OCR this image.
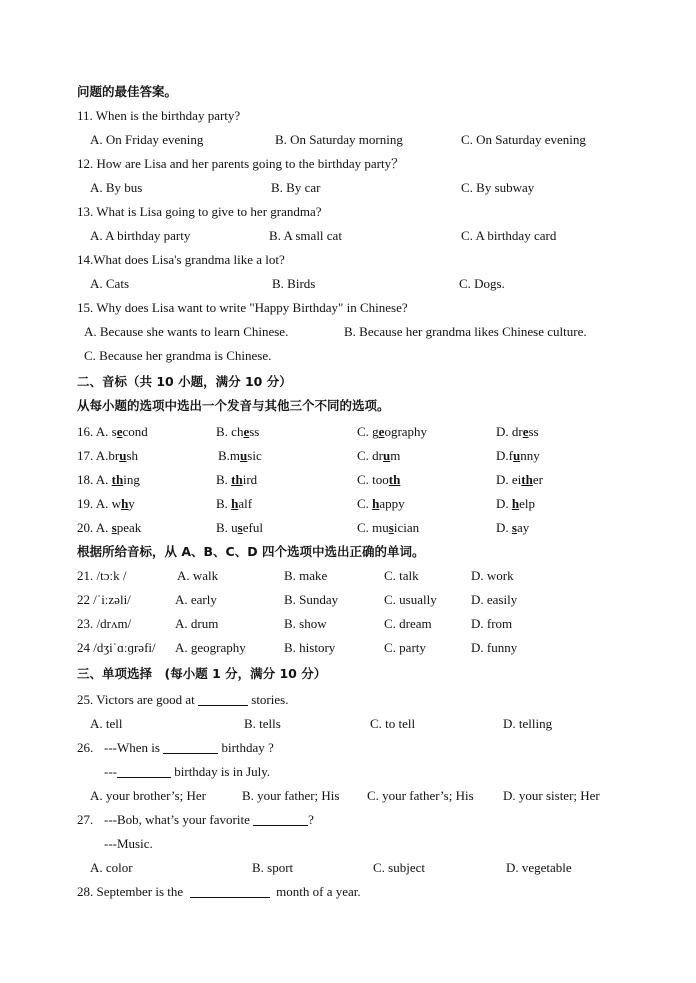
问题的最佳答案。
11. When is the birthday party?
A. On Friday evening	B. On Saturday morning	C. On Saturday evening
12. How are Lisa and her parents going to the birthday party？
A. By bus	B. By car	C. By subway
13. What is Lisa going to give to her grandma?
A. A birthday party	B. A small cat	C. A birthday card
14.What does Lisa's grandma like a lot?
A. Cats	B. Birds	C. Dogs.
15. Why does Lisa want to write "Happy Birthday" in Chinese?
A. Because she wants to learn Chinese.	B. Because her grandma likes Chinese culture.
C. Because her grandma is Chinese.
二、音标（共 10 小题，满分 10 分）
从每小题的选项中选出一个发音与其他三个不同的选项。
16. A. second	B. chess	C. geography	D. dress
17. A.brush	B.music	C. drum	D.funny
18. A. thing	B. third	C. tooth	D. either
19. A. why	B. half	C. happy	D. help
20. A. speak	B. useful	C. musician	D. say
根据所给音标，从 A、B、C、D 四个选项中选出正确的单词。
21. /tɔːk /	A. walk	B. make	C. talk	D. work
22 /ˈiːzəli/	A. early	B. Sunday	C. usually	D. easily
23. /drʌm/	A. drum	B. show	C. dream	D. from
24 /dʒiˈɑːɡrəfi/ A. geography	B. history	C. party	D. funny
三、单项选择　(每小题 1 分，满分 10 分）
25. Victors are good at	stories.
A. tell	B. tells	C. to tell	D. telling
26. ---When is	birthday ?
---	birthday is in July.
A. your brother’s; Her	B. your father; His C. your father’s; His D. your sister; Her
27. ---Bob, what’s your favorite	?
---Music.
A. color	B. sport	C. subject	D. vegetable
28. September is the	month of a year.
